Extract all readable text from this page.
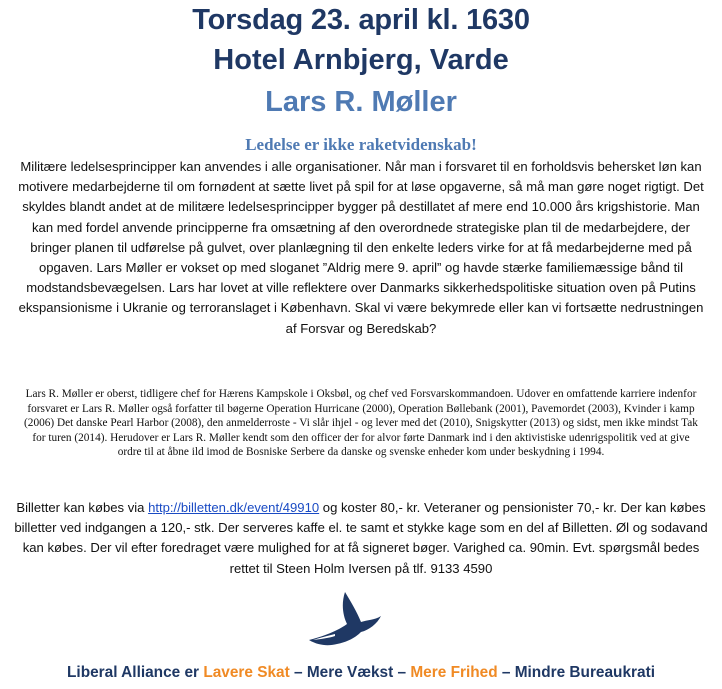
Torsdag 23. april kl. 1630
Hotel Arnbjerg, Varde
Lars R. Møller
Ledelse er ikke raketvidenskab!
Militære ledelsesprincipper kan anvendes i alle organisationer. Når man i forsvaret til en forholdsvis behersket løn kan motivere medarbejderne til om fornødent at sætte livet på spil for at løse opgaverne, så må man gøre noget rigtigt. Det skyldes blandt andet at de militære ledelsesprincipper bygger på destillatet af mere end 10.000 års krigshistorie. Man kan med fordel anvende principperne fra omsætning af den overordnede strategiske plan til de medarbejdere, der bringer planen til udførelse på gulvet, over planlægning til den enkelte leders virke for at få medarbejderne med på opgaven. Lars Møller er vokset op med sloganet ”Aldrig mere 9. april” og havde stærke familiemæssige bånd til modstandsbevægelsen. Lars har lovet at ville reflektere over Danmarks sikkerhedspolitiske situation oven på Putins ekspansionisme i Ukranie og terroranslaget i København. Skal vi være bekymrede eller kan vi fortsætte nedrustningen af Forsvar og Beredskab?
Lars R. Møller er oberst, tidligere chef for Hærens Kampskole i Oksbøl, og chef ved Forsvarskommandoen. Udover en omfattende karriere indenfor forsvaret er Lars R. Møller også forfatter til bøgerne Operation Hurricane (2000), Operation Bøllebank (2001), Pavemordet (2003), Kvinder i kamp (2006) Det danske Pearl Harbor (2008), den anmelderroste - Vi slår ihjel - og lever med det (2010), Snigskytter (2013) og sidst, men ikke mindst Tak for turen (2014). Herudover er Lars R. Møller kendt som den officer der for alvor førte Danmark ind i den aktivistiske udenrigspolitik ved at give ordre til at åbne ild imod de Bosniske Serbere da danske og svenske enheder kom under beskydning i 1994.
Billetter kan købes via http://billetten.dk/event/49910 og koster 80,- kr. Veteraner og pensionister 70,- kr. Der kan købes billetter ved indgangen a 120,- stk. Der serveres kaffe el. te samt et stykke kage som en del af Billetten. Øl og sodavand kan købes. Der vil efter foredraget være mulighed for at få signeret bøger. Varighed ca. 90min. Evt. spørgsmål bedes rettet til Steen Holm Iversen på tlf. 9133 4590
Liberal Alliance er Lavere Skat – Mere Vækst – Mere Frihed – Mindre Bureaukrati
